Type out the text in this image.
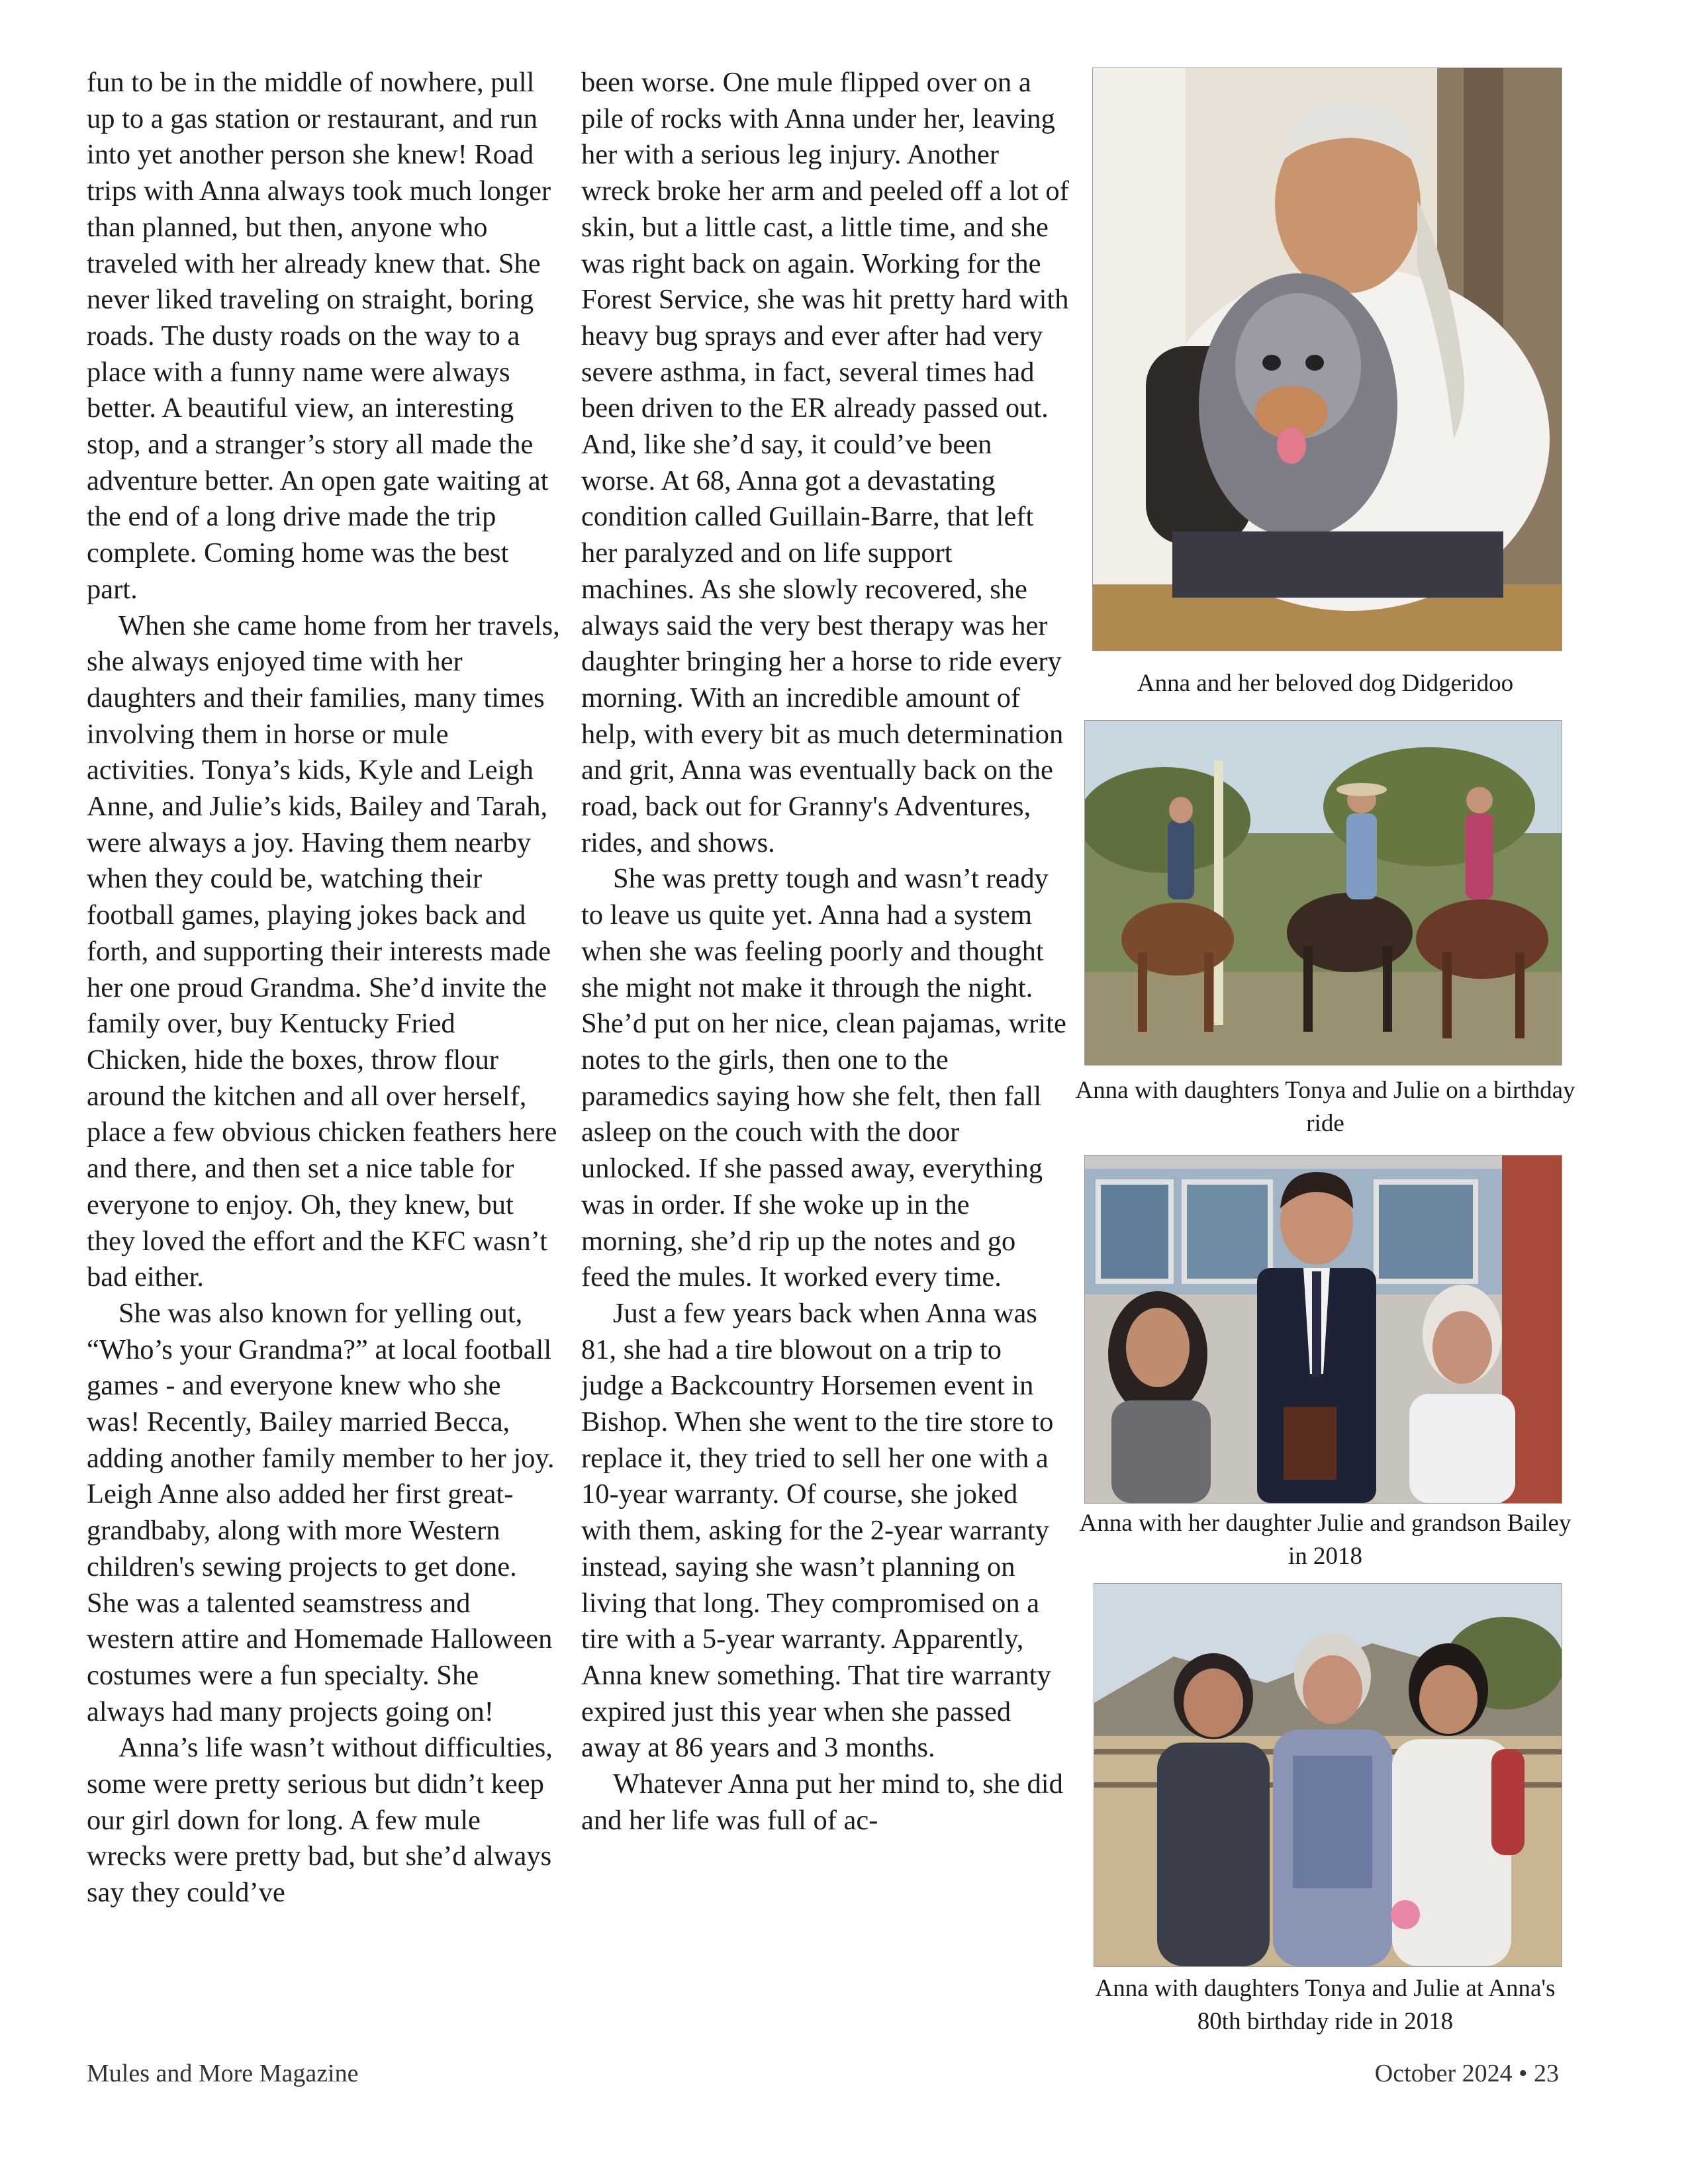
fun to be in the middle of nowhere, pull up to a gas station or restaurant, and run into yet another person she knew! Road trips with Anna always took much longer than planned, but then, anyone who traveled with her already knew that. She never liked traveling on straight, boring roads. The dusty roads on the way to a place with a funny name were always better. A beautiful view, an interesting stop, and a stranger’s story all made the adventure better. An open gate waiting at the end of a long drive made the trip complete. Coming home was the best part.

When she came home from her travels, she always enjoyed time with her daughters and their families, many times involving them in horse or mule activities. Tonya’s kids, Kyle and Leigh Anne, and Julie’s kids, Bailey and Tarah, were always a joy. Having them nearby when they could be, watching their football games, playing jokes back and forth, and supporting their interests made her one proud Grandma. She’d invite the family over, buy Kentucky Fried Chicken, hide the boxes, throw flour around the kitchen and all over herself, place a few obvious chicken feathers here and there, and then set a nice table for everyone to enjoy. Oh, they knew, but they loved the effort and the KFC wasn’t bad either.

She was also known for yelling out, “Who’s your Grandma?” at local football games - and everyone knew who she was! Recently, Bailey married Becca, adding another family member to her joy. Leigh Anne also added her first great-grandbaby, along with more Western children's sewing projects to get done. She was a talented seamstress and western attire and Homemade Halloween costumes were a fun specialty. She always had many projects going on!

Anna’s life wasn’t without difficulties, some were pretty serious but didn’t keep our girl down for long. A few mule wrecks were pretty bad, but she’d always say they could’ve

been worse. One mule flipped over on a pile of rocks with Anna under her, leaving her with a serious leg injury. Another wreck broke her arm and peeled off a lot of skin, but a little cast, a little time, and she was right back on again. Working for the Forest Service, she was hit pretty hard with heavy bug sprays and ever after had very severe asthma, in fact, several times had been driven to the ER already passed out. And, like she’d say, it could’ve been worse. At 68, Anna got a devastating condition called Guillain-Barre, that left her paralyzed and on life support machines. As she slowly recovered, she always said the very best therapy was her daughter bringing her a horse to ride every morning. With an incredible amount of help, with every bit as much determination and grit, Anna was eventually back on the road, back out for Granny's Adventures, rides, and shows.

She was pretty tough and wasn’t ready to leave us quite yet. Anna had a system when she was feeling poorly and thought she might not make it through the night. She’d put on her nice, clean pajamas, write notes to the girls, then one to the paramedics saying how she felt, then fall asleep on the couch with the door unlocked. If she passed away, everything was in order. If she woke up in the morning, she’d rip up the notes and go feed the mules. It worked every time.

Just a few years back when Anna was 81, she had a tire blowout on a trip to judge a Backcountry Horsemen event in Bishop. When she went to the tire store to replace it, they tried to sell her one with a 10-year warranty. Of course, she joked with them, asking for the 2-year warranty instead, saying she wasn’t planning on living that long. They compromised on a tire with a 5-year warranty. Apparently, Anna knew something. That tire warranty expired just this year when she passed away at 86 years and 3 months.

Whatever Anna put her mind to, she did and her life was full of ac-

Anna and her beloved dog Didgeridoo

Anna with daughters Tonya and Julie on a birthday ride

Anna with her daughter Julie and grandson Bailey in 2018

Anna with daughters Tonya and Julie at Anna's 80th birthday ride in 2018

Mules and More Magazine	October 2024 • 23
